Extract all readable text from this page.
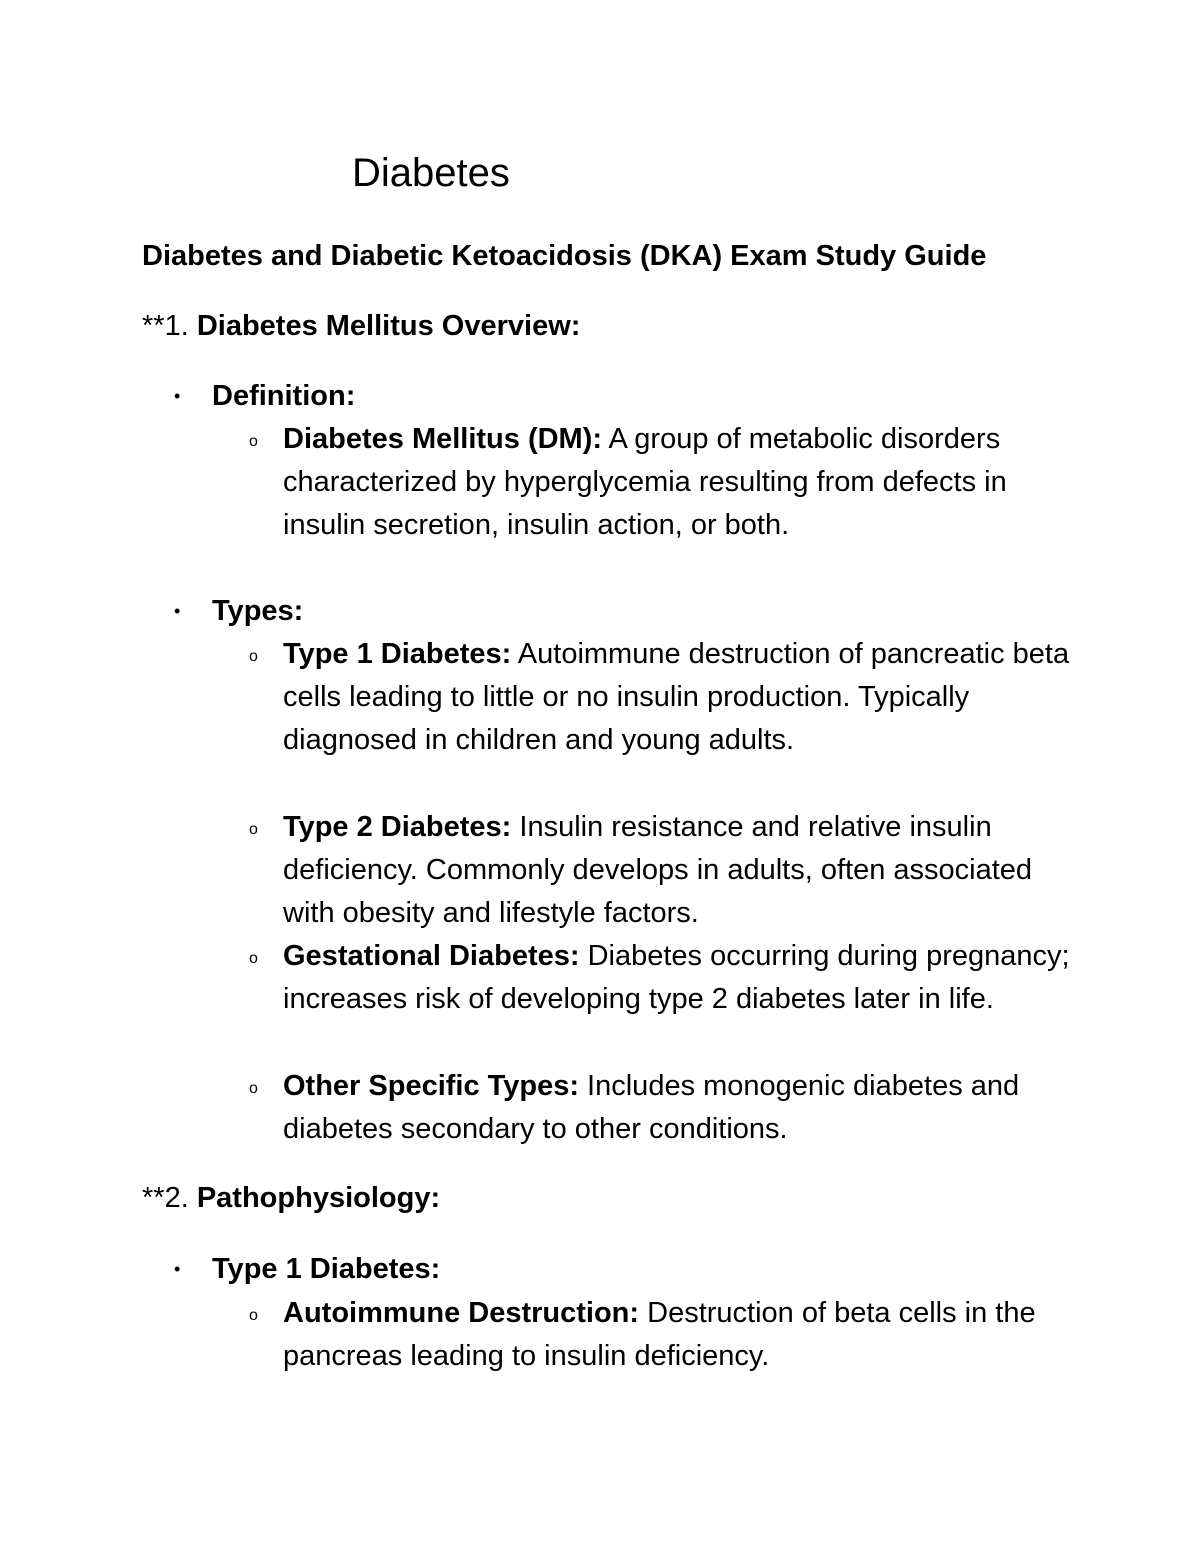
Diabetes
Diabetes and Diabetic Ketoacidosis (DKA) Exam Study Guide

**1. Diabetes Mellitus Overview:

• Definition:
o Diabetes Mellitus (DM): A group of metabolic disorders characterized by hyperglycemia resulting from defects in insulin secretion, insulin action, or both.
• Types:
o Type 1 Diabetes: Autoimmune destruction of pancreatic beta cells leading to little or no insulin production. Typically diagnosed in children and young adults.
o Type 2 Diabetes: Insulin resistance and relative insulin deficiency. Commonly develops in adults, often associated with obesity and lifestyle factors.
o Gestational Diabetes: Diabetes occurring during pregnancy; increases risk of developing type 2 diabetes later in life.
o Other Specific Types: Includes monogenic diabetes and diabetes secondary to other conditions.

**2. Pathophysiology:

• Type 1 Diabetes:
o Autoimmune Destruction: Destruction of beta cells in the pancreas leading to insulin deficiency.
